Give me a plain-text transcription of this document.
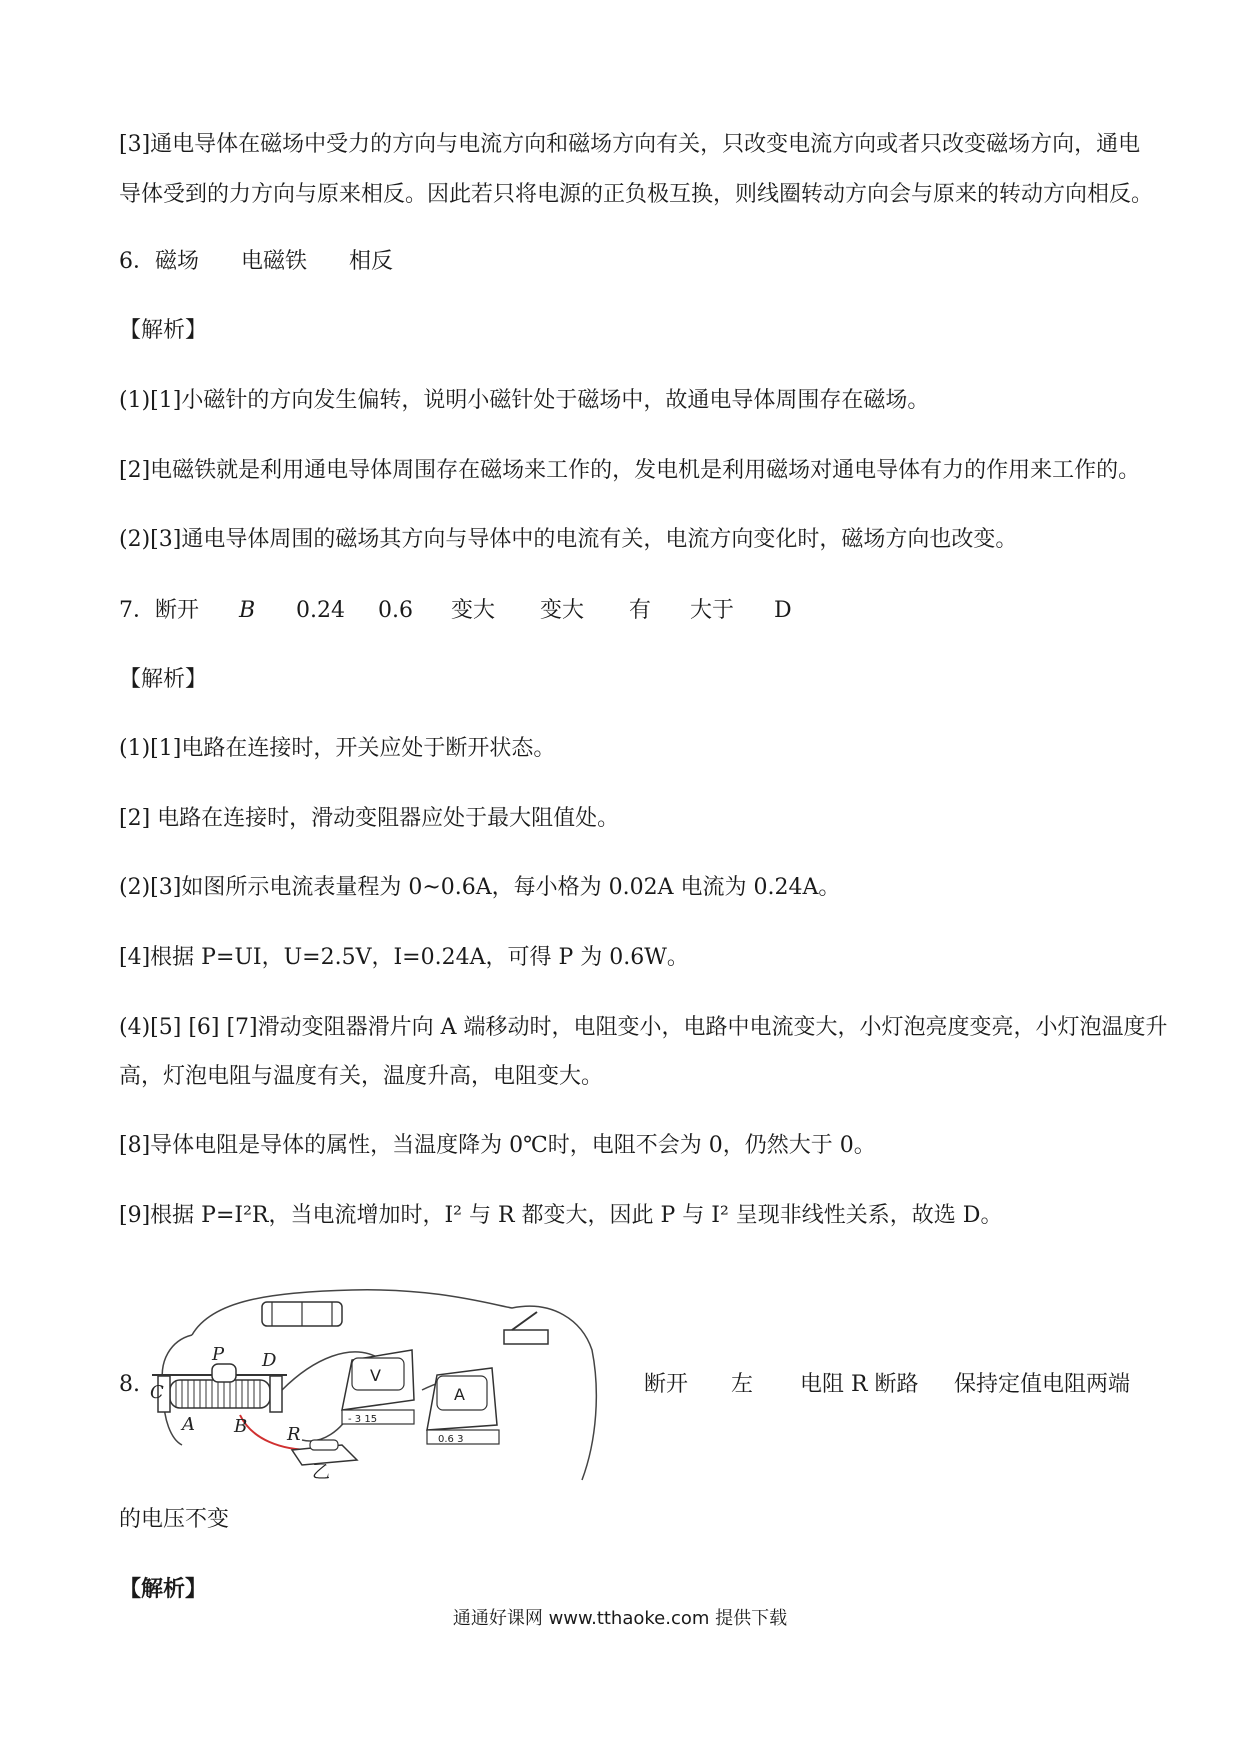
[3]通电导体在磁场中受力的方向与电流方向和磁场方向有关，只改变电流方向或者只改变磁场方向，通电

导体受到的力方向与原来相反。因此若只将电源的正负极互换，则线圈转动方向会与原来的转动方向相反。

6．磁场 电磁铁 相反

【解析】

(1)[1]小磁针的方向发生偏转，说明小磁针处于磁场中，故通电导体周围存在磁场。

[2]电磁铁就是利用通电导体周围存在磁场来工作的，发电机是利用磁场对通电导体有力的作用来工作的。

(2)[3]通电导体周围的磁场其方向与导体中的电流有关，电流方向变化时，磁场方向也改变。

7．断开 B 0.24 0.6 变大 变大 有 大于 D

【解析】

(1)[1]电路在连接时，开关应处于断开状态。

[2] 电路在连接时，滑动变阻器应处于最大阻值处。

(2)[3]如图所示电流表量程为 0~0.6A，每小格为 0.02A 电流为 0.24A。

[4]根据 P=UI，U=2.5V，I=0.24A，可得 P 为 0.6W。

(4)[5] [6] [7]滑动变阻器滑片向 A 端移动时，电阻变小，电路中电流变大，小灯泡亮度变亮，小灯泡温度升

高，灯泡电阻与温度有关，温度升高，电阻变大。

[8]导体电阻是导体的属性，当温度降为 0℃时，电阻不会为 0，仍然大于 0。

[9]根据 P=I²R，当电流增加时，I² 与 R 都变大，因此 P 与 I² 呈现非线性关系，故选 D。

8. C
P D
A B
V
- 3 15
A
0.6 3
R
乙

断开 左 电阻 R 断路 保持定值电阻两端

的电压不变

【解析】

通通好课网 www.tthaoke.com 提供下载
